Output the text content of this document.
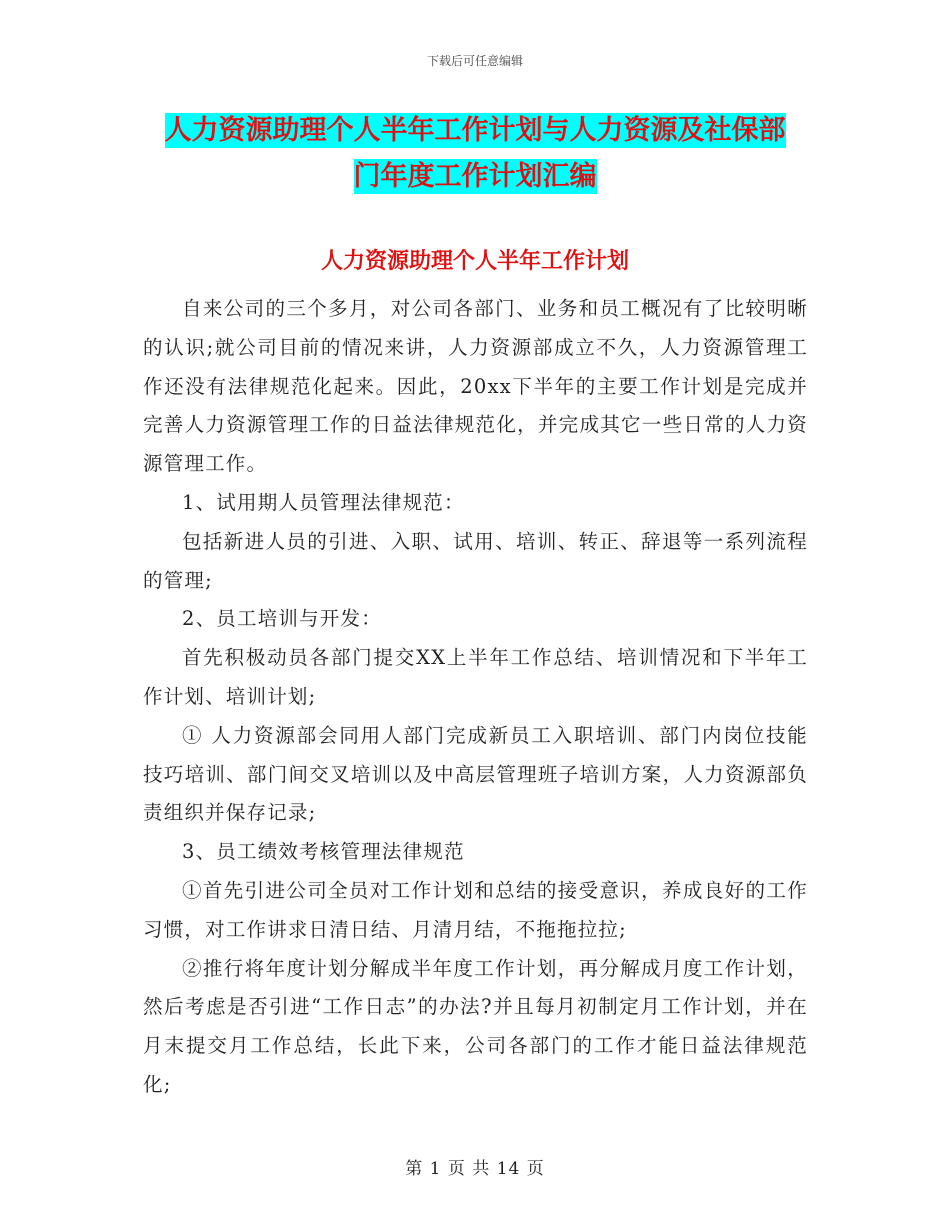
下载后可任意编辑
人力资源助理个人半年工作计划与人力资源及社保部
门年度工作计划汇编
人力资源助理个人半年工作计划

自来公司的三个多月，对公司各部门、业务和员工概况有了比较明晰的认识;就公司目前的情况来讲，人力资源部成立不久，人力资源管理工作还没有法律规范化起来。因此，20xx下半年的主要工作计划是完成并完善人力资源管理工作的日益法律规范化，并完成其它一些日常的人力资源管理工作。

1、试用期人员管理法律规范：

包括新进人员的引进、入职、试用、培训、转正、辞退等一系列流程的管理;

2、员工培训与开发：

首先积极动员各部门提交XX上半年工作总结、培训情况和下半年工作计划、培训计划;

① 人力资源部会同用人部门完成新员工入职培训、部门内岗位技能技巧培训、部门间交叉培训以及中高层管理班子培训方案，人力资源部负责组织并保存记录;

3、员工绩效考核管理法律规范

①首先引进公司全员对工作计划和总结的接受意识，养成良好的工作习惯，对工作讲求日清日结、月清月结，不拖拖拉拉;

②推行将年度计划分解成半年度工作计划，再分解成月度工作计划，然后考虑是否引进“工作日志”的办法?并且每月初制定月工作计划，并在月末提交月工作总结，长此下来，公司各部门的工作才能日益法律规范化;

第 1 页 共 14 页
